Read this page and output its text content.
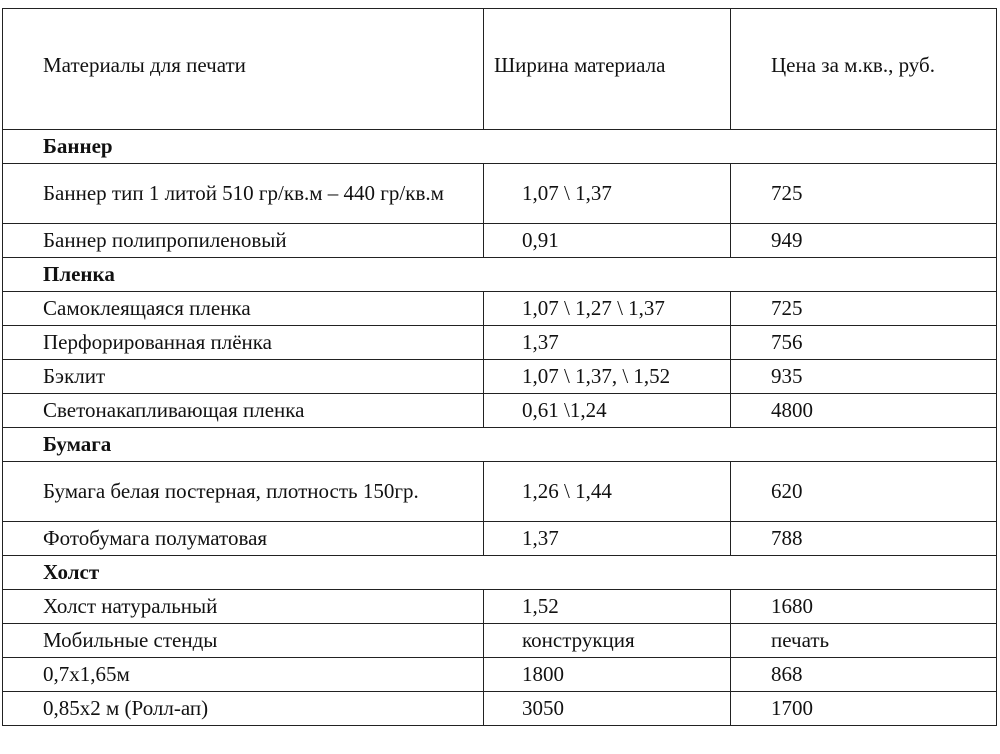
Материалы для печати	Ширина материала	Цена за м.кв., руб.

Баннер		
Баннер тип 1 литой 510 гр/кв.м – 440 гр/кв.м	1,07 \ 1,37	725
Баннер полипропиленовый	0,91	949
Пленка		
Самоклеящаяся пленка	1,07 \ 1,27 \ 1,37	725
Перфорированная плёнка	1,37	756
Бэклит	1,07 \ 1,37, \ 1,52	935
Светонакапливающая пленка	0,61 \1,24	4800
Бумага		
Бумага белая постерная, плотность 150гр.	1,26 \ 1,44	620
Фотобумага полуматовая	1,37	788
Холст		
Холст натуральный	1,52	1680
Мобильные стенды	конструкция	печать
0,7х1,65м	1800	868
0,85х2 м (Ролл-ап)	3050	1700
